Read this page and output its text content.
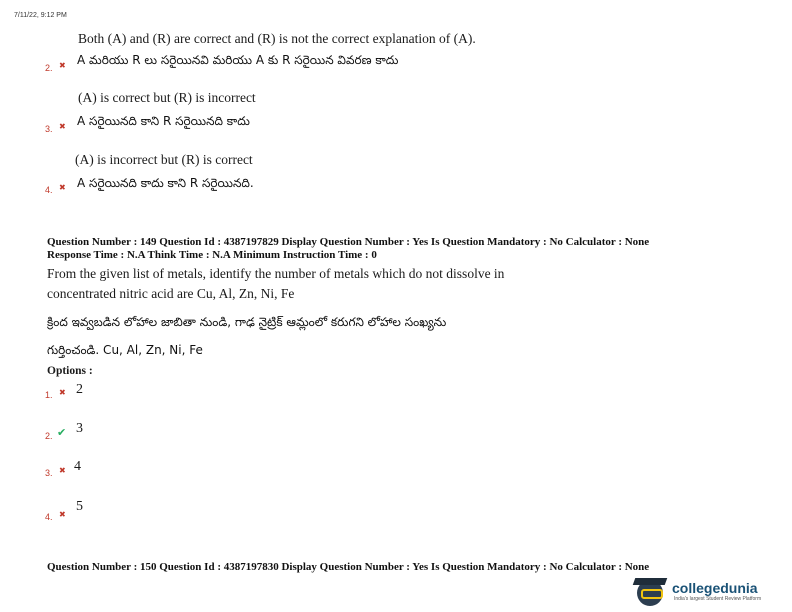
7/11/22, 9:12 PM
Both (A) and (R) are correct and (R) is not the correct explanation of (A).
2. ✖ A మరియు R లు సరైయినవి మరియు A కు R సరైయిన వివరణ కాదు
(A) is correct but (R) is incorrect
3. ✖ A సరైయినది కాని R సరైయినది కాదు
(A) is incorrect but (R) is correct
4. ✖ A సరైయినది కాదు కాని R సరైయినది.
Question Number : 149 Question Id : 4387197829 Display Question Number : Yes Is Question Mandatory : No Calculator : None
Response Time : N.A Think Time : N.A Minimum Instruction Time : 0
From the given list of metals, identify the number of metals which do not dissolve in
concentrated nitric acid are Cu, Al, Zn, Ni, Fe
క్రింద ఇవ్వబడిన లోహాల జాబితా నుండి, గాఢ నైట్రిక్ ఆమ్లంలో కరుగని లోహాల సంఖ్యను
గుర్తించండి. Cu, Al, Zn, Ni, Fe
Options :
1. ✖ 2
2. ✔ 3
3. ✖ 4
4. ✖
5
Question Number : 150 Question Id : 4387197830 Display Question Number : Yes Is Question Mandatory : No Calculator : None
collegedunia
India's largest Student Review Platform
